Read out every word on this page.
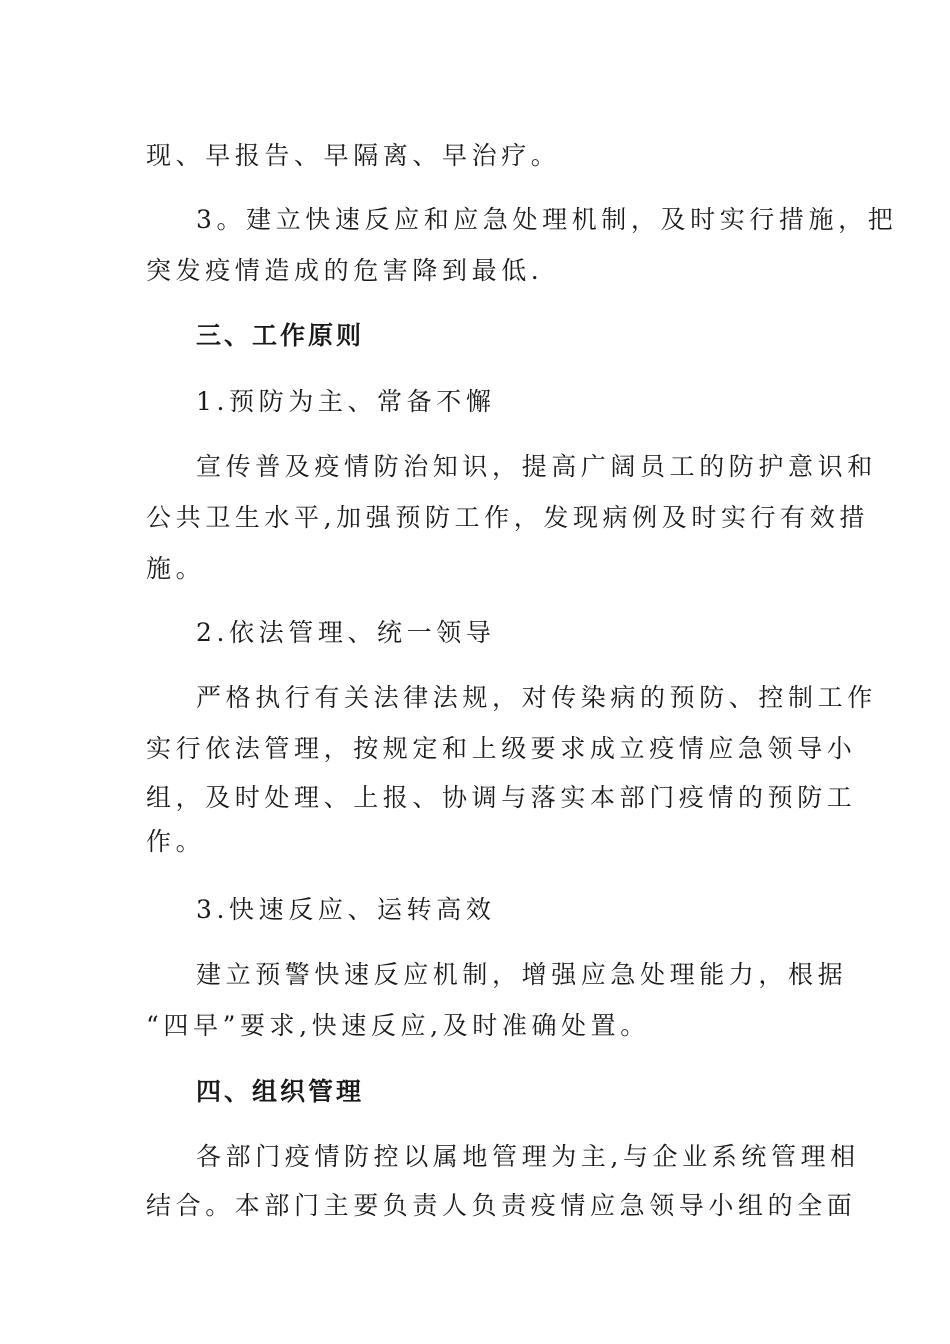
现、早报告、早隔离、早治疗。
3。建立快速反应和应急处理机制，及时实行措施，把
突发疫情造成的危害降到最低.
三、工作原则
1.预防为主、常备不懈
宣传普及疫情防治知识，提高广阔员工的防护意识和
公共卫生水平,加强预防工作，发现病例及时实行有效措
施。
2.依法管理、统一领导
严格执行有关法律法规，对传染病的预防、控制工作
实行依法管理，按规定和上级要求成立疫情应急领导小
组，及时处理、上报、协调与落实本部门疫情的预防工
作。
3.快速反应、运转高效
建立预警快速反应机制，增强应急处理能力，根据
“四早”要求,快速反应,及时准确处置。
四、组织管理
各部门疫情防控以属地管理为主,与企业系统管理相
结合。本部门主要负责人负责疫情应急领导小组的全面
